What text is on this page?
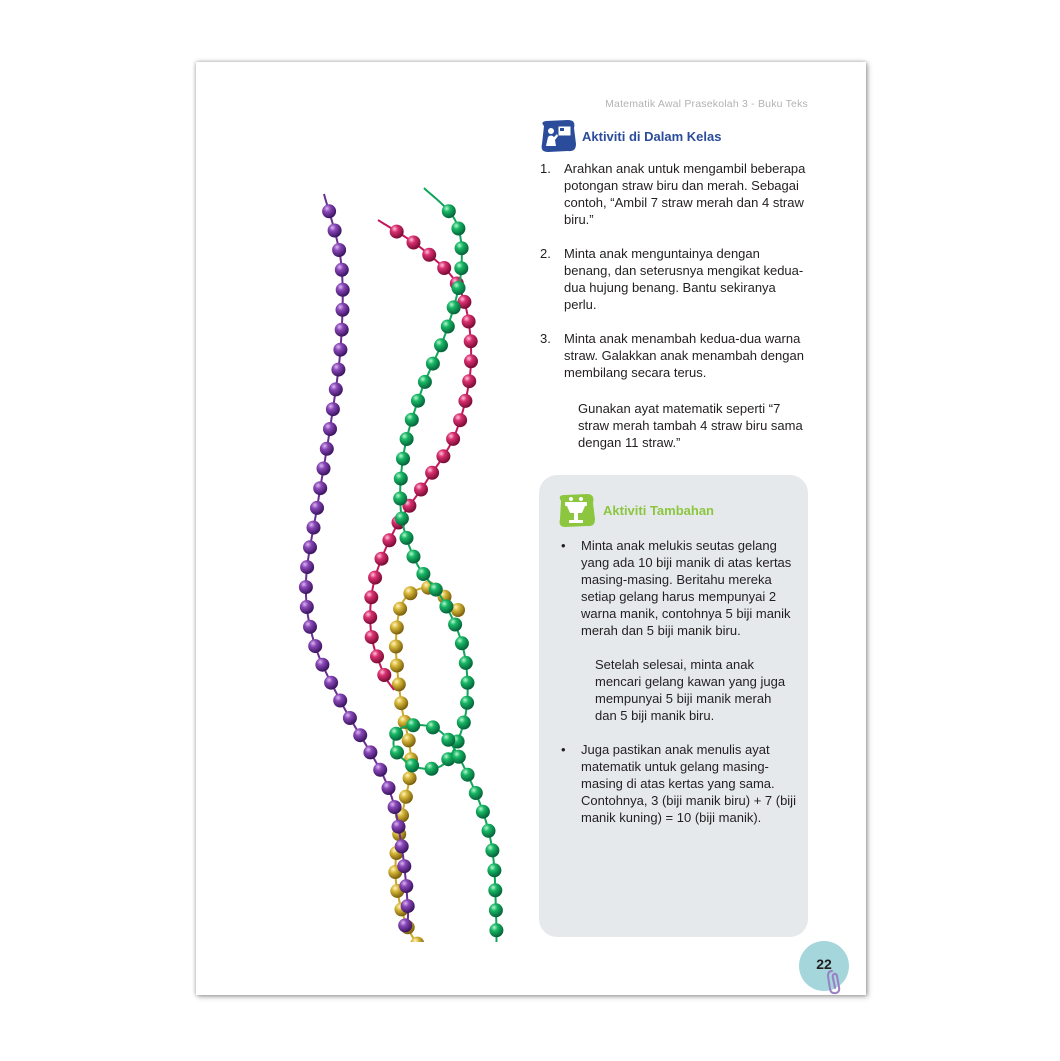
Matematik Awal Prasekolah 3 - Buku Teks
Aktiviti di Dalam Kelas
1. Arahkan anak untuk mengambil beberapa potongan straw biru dan merah. Sebagai contoh, “Ambil 7 straw merah dan 4 straw biru.”
2. Minta anak menguntainya dengan benang, dan seterusnya mengikat kedua-dua hujung benang. Bantu sekiranya perlu.
3. Minta anak menambah kedua-dua warna straw. Galakkan anak menambah dengan membilang secara terus.
Gunakan ayat matematik seperti “7 straw merah tambah 4 straw biru sama dengan 11 straw.”
Aktiviti Tambahan
• Minta anak melukis seutas gelang yang ada 10 biji manik di atas kertas masing-masing. Beritahu mereka setiap gelang harus mempunyai 2 warna manik, contohnya 5 biji manik merah dan 5 biji manik biru.
Setelah selesai, minta anak mencari gelang kawan yang juga mempunyai 5 biji manik merah dan 5 biji manik biru.
• Juga pastikan anak menulis ayat matematik untuk gelang masing-masing di atas kertas yang sama. Contohnya, 3 (biji manik biru) + 7 (biji manik kuning) = 10 (biji manik).
22
